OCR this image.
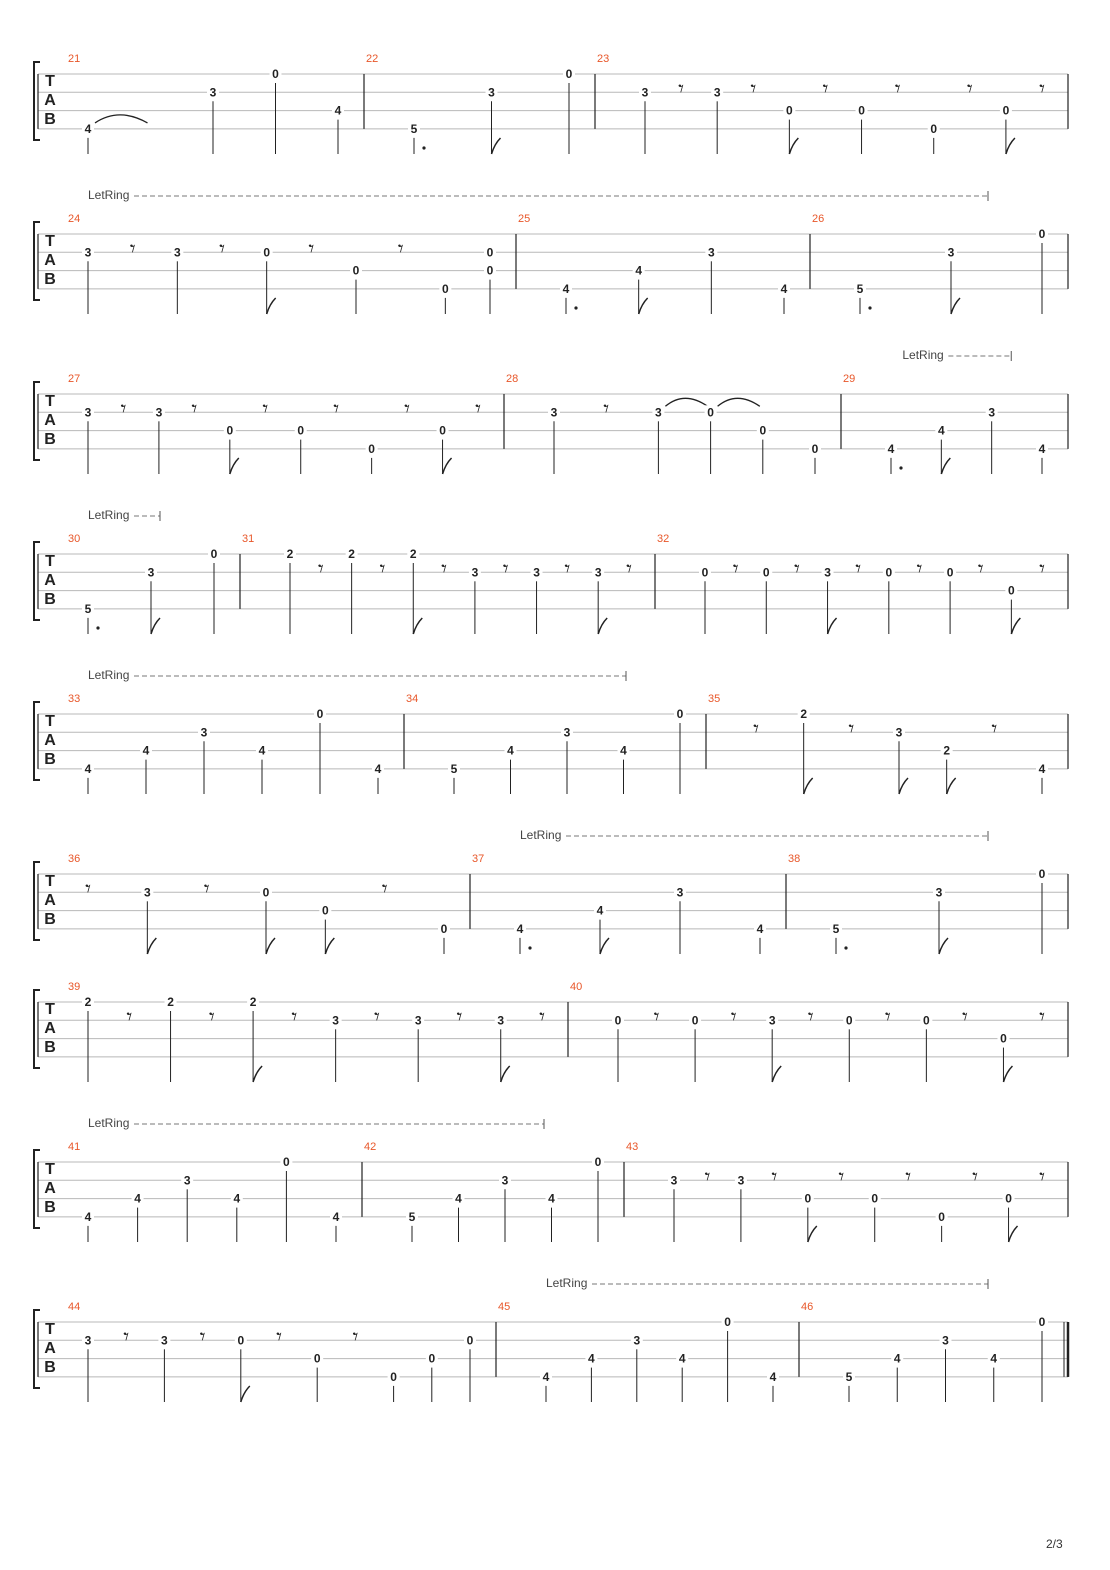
T
A
B
21
4
3
0
4
22
5
3
0
23
3 𝄾 3 𝄾
0
𝄾
0
𝄾
0
𝄾
0
𝄾
T
A
B
LetRing
24
3 𝄾	3 𝄾	0 𝄾
0
𝄾
0
0
0
25
4
4
3
4
26
5
3
0
T
A
B
LetRing
27
3 𝄾 3 𝄾
0
𝄾
0
𝄾
0
𝄾
0
𝄾
28
3 𝄾	3	0
0
0
29
4
4
3
4
T
A
B
LetRing
30
5
3
0
31
2
𝄾
2
𝄾
2
𝄾 3 𝄾 3 𝄾 3 𝄾
32
0 𝄾 0 𝄾 3 𝄾 0 𝄾 0 𝄾
0
𝄾
T
A
B
LetRing
33
4
4
3
4
0
4
34
5
4
3
4
0
35
𝄾
2
𝄾	3
2
𝄾
4
T
A
B
LetRing
36
𝄾	3 𝄾	0
0
𝄾
0
37
4
4
3
4
38
5
3
0
T
A
B
39
2
𝄾
2
𝄾
2
𝄾	3 𝄾	3 𝄾	3 𝄾
40
0 𝄾	0 𝄾	3 𝄾	0 𝄾	0 𝄾
0
𝄾
T
A
B
LetRing
41
4
4
3
4
0
4
42
5
4
3
4
0
43
3 𝄾 3 𝄾
0
𝄾
0
𝄾
0
𝄾
0
𝄾
T
A
B
LetRing
44
3 𝄾	3 𝄾	0 𝄾
0
𝄾
0
0
0
45
4
4
3
4
0
4
46
5
4
3
4
0
2/3
